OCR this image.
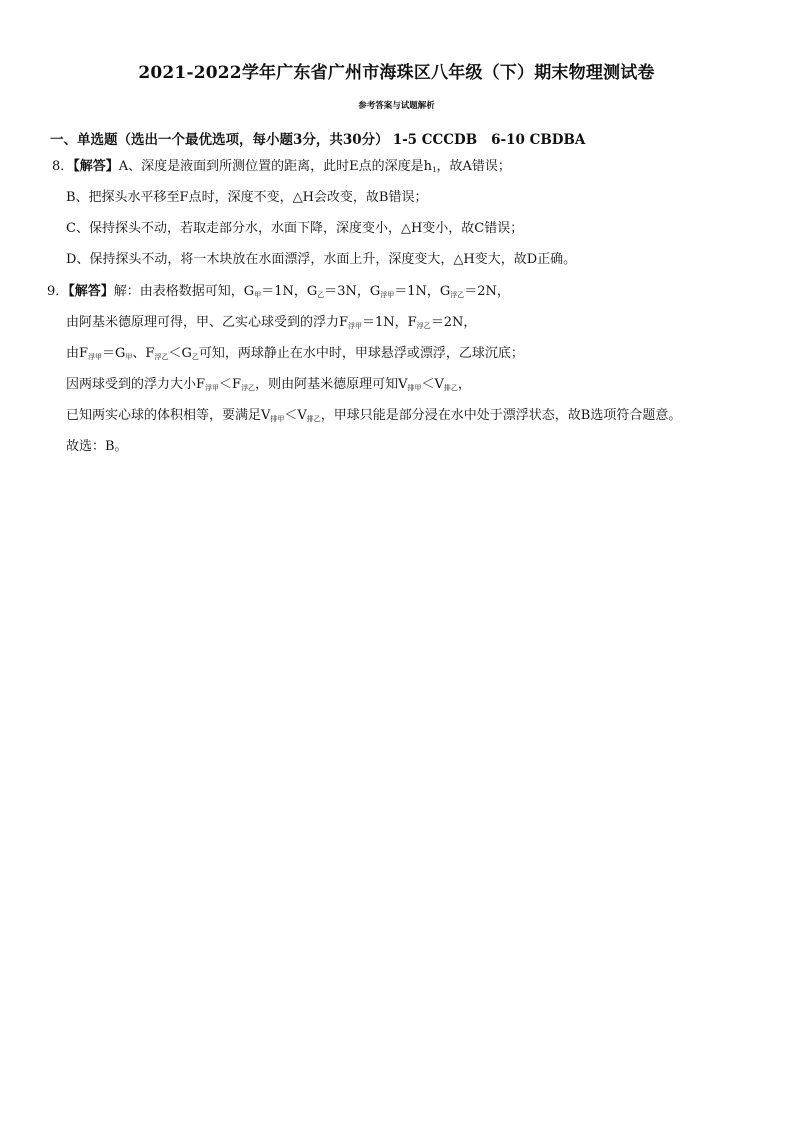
2021-2022学年广东省广州市海珠区八年级（下）期末物理测试卷
参考答案与试题解析
一、单选题（选出一个最优选项，每小题3分，共30分） 1-5 CCCDB 6-10 CBDBA
8．【解答】A、深度是液面到所测位置的距离，此时E点的深度是$h_1$，故A错误；
B、把探头水平移至F点时，深度不变，△H会改变，故B错误；
C、保持探头不动，若取走部分水，水面下降，深度变小，△H变小，故C错误；
D、保持探头不动，将一木块放在水面漂浮，水面上升，深度变大，△H变大，故D正确。
9．【解答】解：由表格数据可知，$G_甲=1N$，$G_乙=3N$，$G_{浮甲}=1N$，$G_{浮乙}=2N$，
由阿基米德原理可得，甲、乙实心球受到的浮力$F_{浮甲}=1N$，$F_{浮乙}=2N$，
由$F_{浮甲}=G_甲$、$F_{浮乙}<G_乙$可知，两球静止在水中时，甲球悬浮或漂浮，乙球沉底；
因两球受到的浮力大小$F_{浮甲}<F_{浮乙}$，则由阿基米德原理可知$V_{排甲}<V_{排乙}$，
已知两实心球的体积相等，要满足$V_{排甲}<V_{排乙}$，甲球只能是部分浸在水中处于漂浮状态，故B选项符合题意。
故选：B。
